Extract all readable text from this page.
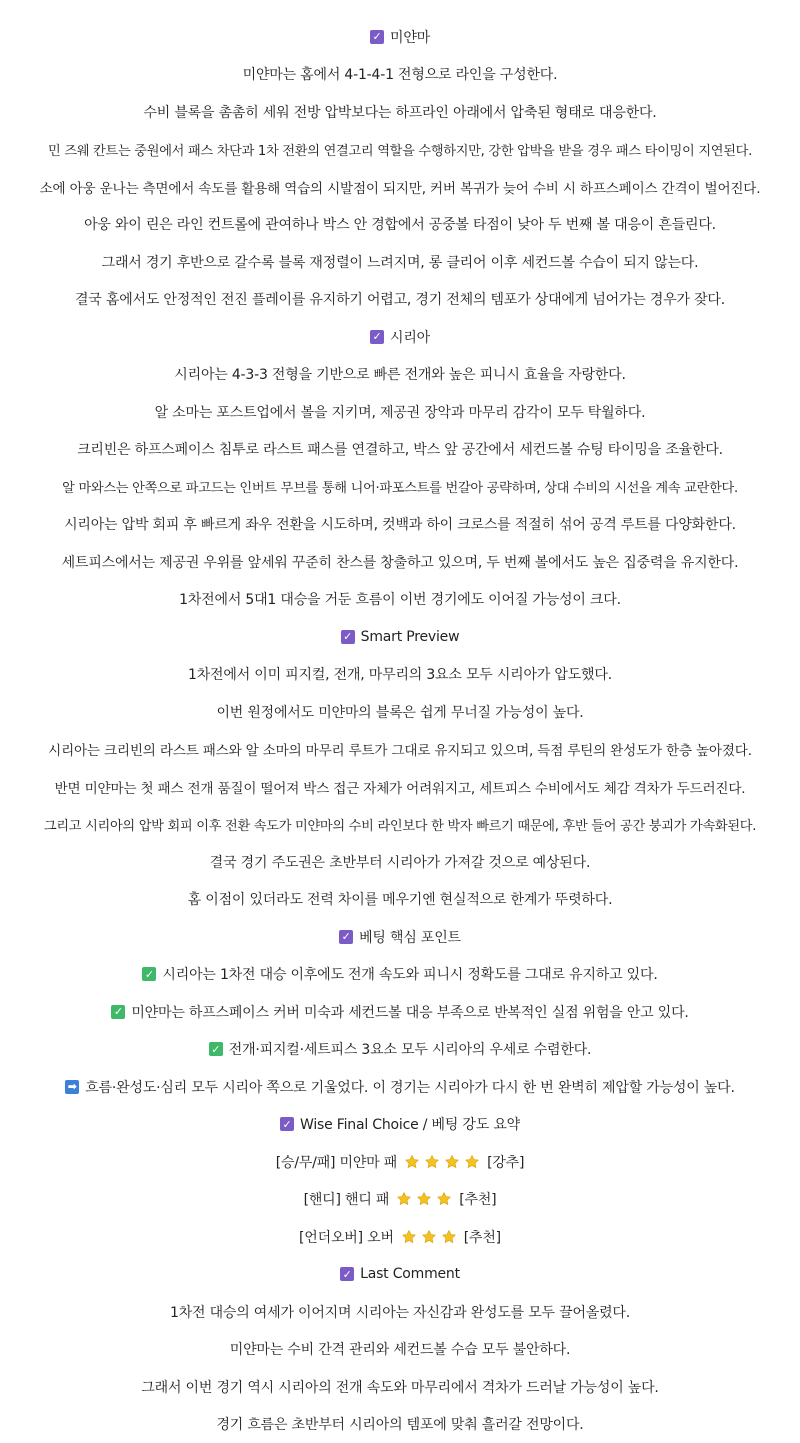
✓ 미얀마
미얀마는 홈에서 4-1-4-1 전형으로 라인을 구성한다.
수비 블록을 촘촘히 세워 전방 압박보다는 하프라인 아래에서 압축된 형태로 대응한다.
민 즈웨 칸트는 중원에서 패스 차단과 1차 전환의 연결고리 역할을 수행하지만, 강한 압박을 받을 경우 패스 타이밍이 지연된다.
소에 아웅 운나는 측면에서 속도를 활용해 역습의 시발점이 되지만, 커버 복귀가 늦어 수비 시 하프스페이스 간격이 벌어진다.
아웅 와이 린은 라인 컨트롤에 관여하나 박스 안 경합에서 공중볼 타점이 낮아 두 번째 볼 대응이 흔들린다.
그래서 경기 후반으로 갈수록 블록 재정렬이 느려지며, 롱 클리어 이후 세컨드볼 수습이 되지 않는다.
결국 홈에서도 안정적인 전진 플레이를 유지하기 어렵고, 경기 전체의 템포가 상대에게 넘어가는 경우가 잦다.
✓ 시리아
시리아는 4-3-3 전형을 기반으로 빠른 전개와 높은 피니시 효율을 자랑한다.
알 소마는 포스트업에서 볼을 지키며, 제공권 장악과 마무리 감각이 모두 탁월하다.
크리빈은 하프스페이스 침투로 라스트 패스를 연결하고, 박스 앞 공간에서 세컨드볼 슈팅 타이밍을 조율한다.
알 마와스는 안쪽으로 파고드는 인버트 무브를 통해 니어·파포스트를 번갈아 공략하며, 상대 수비의 시선을 계속 교란한다.
시리아는 압박 회피 후 빠르게 좌우 전환을 시도하며, 컷백과 하이 크로스를 적절히 섞어 공격 루트를 다양화한다.
세트피스에서는 제공권 우위를 앞세워 꾸준히 찬스를 창출하고 있으며, 두 번째 볼에서도 높은 집중력을 유지한다.
1차전에서 5대1 대승을 거둔 흐름이 이번 경기에도 이어질 가능성이 크다.
✓ Smart Preview
1차전에서 이미 피지컬, 전개, 마무리의 3요소 모두 시리아가 압도했다.
이번 원정에서도 미얀마의 블록은 쉽게 무너질 가능성이 높다.
시리아는 크리빈의 라스트 패스와 알 소마의 마무리 루트가 그대로 유지되고 있으며, 득점 루틴의 완성도가 한층 높아졌다.
반면 미얀마는 첫 패스 전개 품질이 떨어져 박스 접근 자체가 어려워지고, 세트피스 수비에서도 체감 격차가 두드러진다.
그리고 시리아의 압박 회피 이후 전환 속도가 미얀마의 수비 라인보다 한 박자 빠르기 때문에, 후반 들어 공간 붕괴가 가속화된다.
결국 경기 주도권은 초반부터 시리아가 가져갈 것으로 예상된다.
홈 이점이 있더라도 전력 차이를 메우기엔 현실적으로 한계가 뚜렷하다.
✓ 베팅 핵심 포인트
✓ 시리아는 1차전 대승 이후에도 전개 속도와 피니시 정확도를 그대로 유지하고 있다.
✓ 미얀마는 하프스페이스 커버 미숙과 세컨드볼 대응 부족으로 반복적인 실점 위험을 안고 있다.
✓ 전개·피지컬·세트피스 3요소 모두 시리아의 우세로 수렴한다.
➡ 흐름·완성도·심리 모두 시리아 쪽으로 기울었다. 이 경기는 시리아가 다시 한 번 완벽히 제압할 가능성이 높다.
✓ Wise Final Choice / 베팅 강도 요약
[승/무/패] 미얀마 패	[강추]
[핸디] 핸디 패	[추천]
[언더오버] 오버	[추천]
✓ Last Comment
1차전 대승의 여세가 이어지며 시리아는 자신감과 완성도를 모두 끌어올렸다.
미얀마는 수비 간격 관리와 세컨드볼 수습 모두 불안하다.
그래서 이번 경기 역시 시리아의 전개 속도와 마무리에서 격차가 드러날 가능성이 높다.
경기 흐름은 초반부터 시리아의 템포에 맞춰 흘러갈 전망이다.
